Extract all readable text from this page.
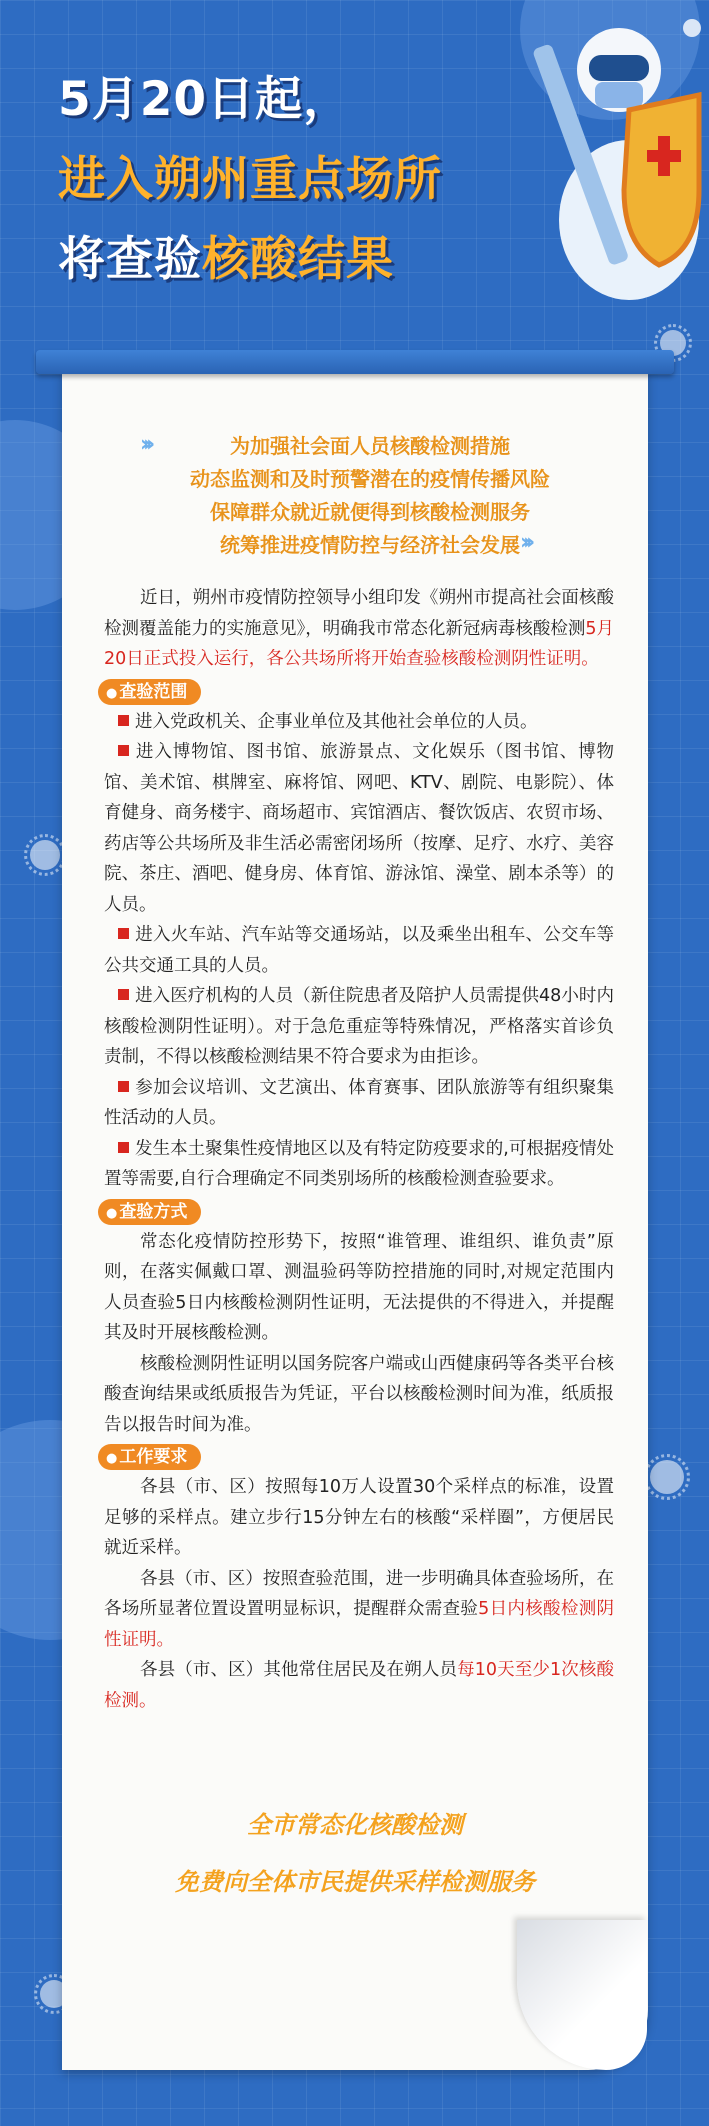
5月20日起，
进入朔州重点场所
将查验核酸结果
›››
›››
为加强社会面人员核酸检测措施
动态监测和及时预警潜在的疫情传播风险
保障群众就近就便得到核酸检测服务
统筹推进疫情防控与经济社会发展

近日，朔州市疫情防控领导小组印发《朔州市提高社会面核酸检测覆盖能力的实施意见》，明确我市常态化新冠病毒核酸检测5月20日正式投入运行，各公共场所将开始查验核酸检测阴性证明。

● 查验范围

进入党政机关、企事业单位及其他社会单位的人员。

进入博物馆、图书馆、旅游景点、文化娱乐（图书馆、博物馆、美术馆、棋牌室、麻将馆、网吧、KTV、剧院、电影院）、体育健身、商务楼宇、商场超市、宾馆酒店、餐饮饭店、农贸市场、药店等公共场所及非生活必需密闭场所（按摩、足疗、水疗、美容院、茶庄、酒吧、健身房、体育馆、游泳馆、澡堂、剧本杀等）的人员。

进入火车站、汽车站等交通场站，以及乘坐出租车、公交车等公共交通工具的人员。

进入医疗机构的人员（新住院患者及陪护人员需提供48小时内核酸检测阴性证明）。对于急危重症等特殊情况，严格落实首诊负责制，不得以核酸检测结果不符合要求为由拒诊。

参加会议培训、文艺演出、体育赛事、团队旅游等有组织聚集性活动的人员。

发生本土聚集性疫情地区以及有特定防疫要求的,可根据疫情处置等需要,自行合理确定不同类别场所的核酸检测查验要求。

● 查验方式

常态化疫情防控形势下，按照“谁管理、谁组织、谁负责”原则，在落实佩戴口罩、测温验码等防控措施的同时,对规定范围内人员查验5日内核酸检测阴性证明，无法提供的不得进入，并提醒其及时开展核酸检测。

核酸检测阴性证明以国务院客户端或山西健康码等各类平台核酸查询结果或纸质报告为凭证，平台以核酸检测时间为准，纸质报告以报告时间为准。

● 工作要求

各县（市、区）按照每10万人设置30个采样点的标准，设置足够的采样点。建立步行15分钟左右的核酸“采样圈”，方便居民就近采样。

各县（市、区）按照查验范围，进一步明确具体查验场所，在各场所显著位置设置明显标识，提醒群众需查验5日内核酸检测阴性证明。

各县（市、区）其他常住居民及在朔人员每10天至少1次核酸检测。

全市常态化核酸检测
免费向全体市民提供采样检测服务
